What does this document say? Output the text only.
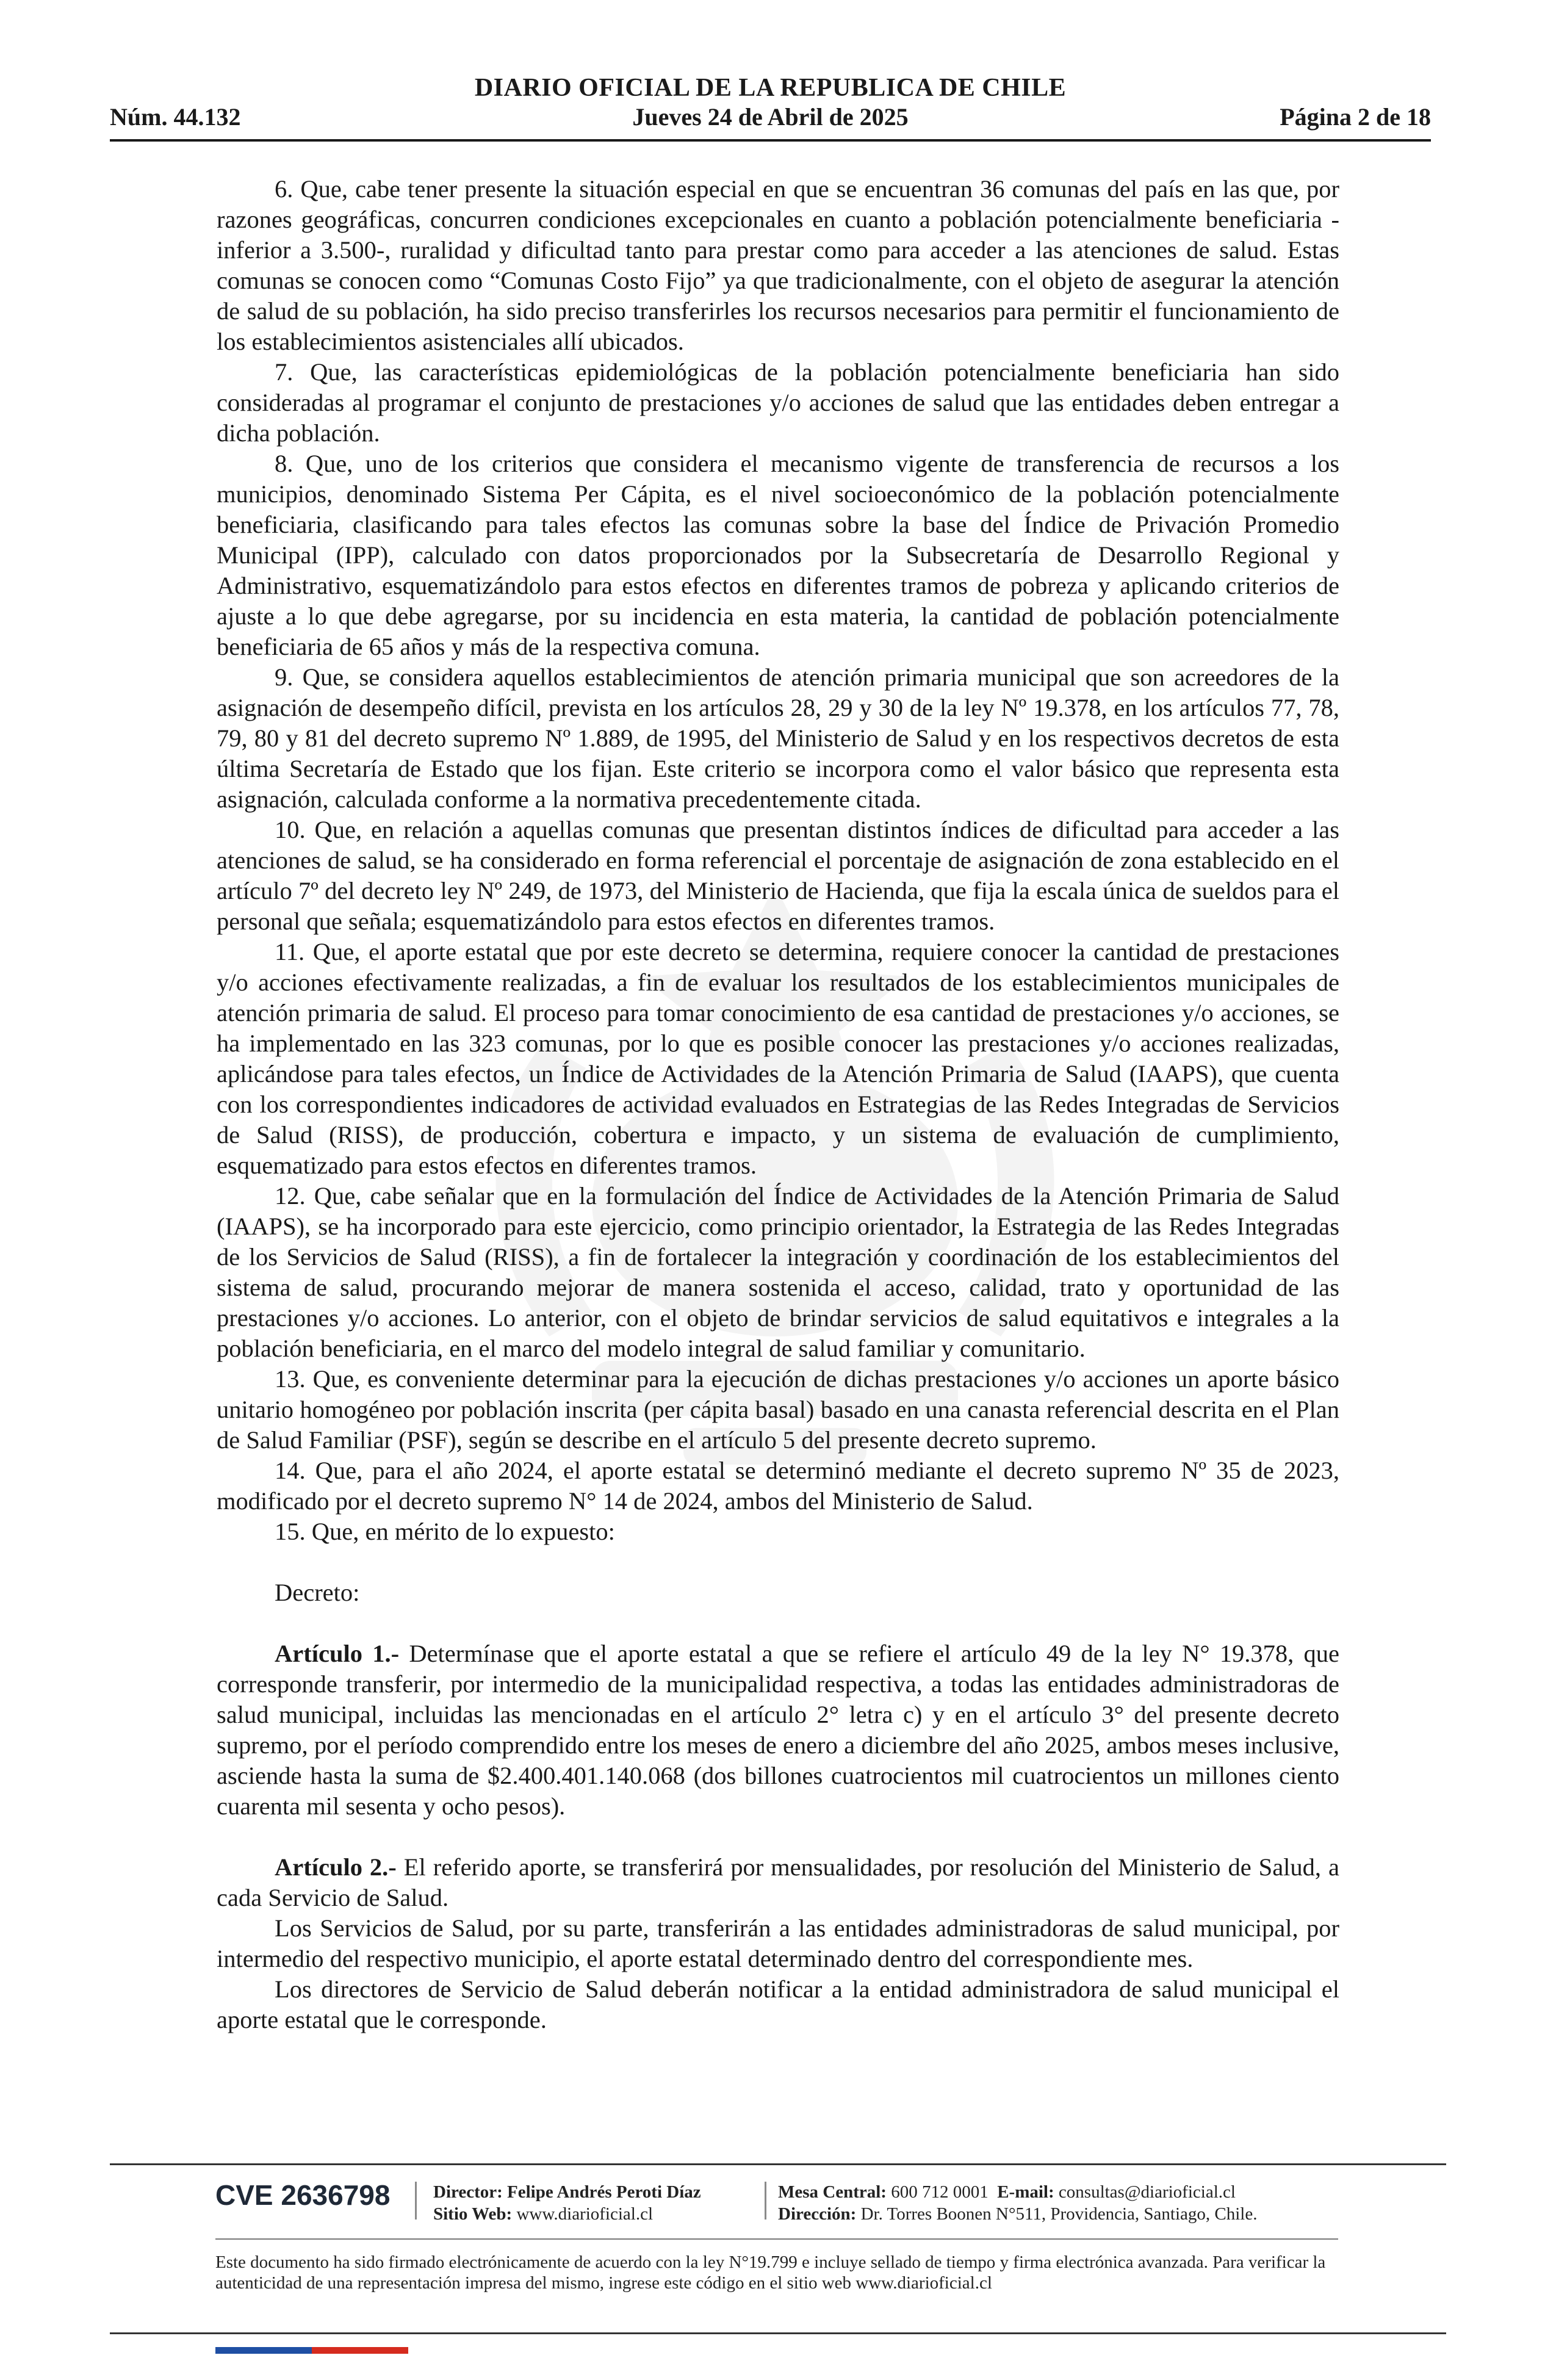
DIARIO OFICIAL DE LA REPUBLICA DE CHILE
Núm. 44.132	Jueves 24 de Abril de 2025	Página 2 de 18

6. Que, cabe tener presente la situación especial en que se encuentran 36 comunas del país en las que, por razones geográficas, concurren condiciones excepcionales en cuanto a población potencialmente beneficiaria -inferior a 3.500-, ruralidad y dificultad tanto para prestar como para acceder a las atenciones de salud. Estas comunas se conocen como “Comunas Costo Fijo” ya que tradicionalmente, con el objeto de asegurar la atención de salud de su población, ha sido preciso transferirles los recursos necesarios para permitir el funcionamiento de los establecimientos asistenciales allí ubicados.

7. Que, las características epidemiológicas de la población potencialmente beneficiaria han sido consideradas al programar el conjunto de prestaciones y/o acciones de salud que las entidades deben entregar a dicha población.

8. Que, uno de los criterios que considera el mecanismo vigente de transferencia de recursos a los municipios, denominado Sistema Per Cápita, es el nivel socioeconómico de la población potencialmente beneficiaria, clasificando para tales efectos las comunas sobre la base del Índice de Privación Promedio Municipal (IPP), calculado con datos proporcionados por la Subsecretaría de Desarrollo Regional y Administrativo, esquematizándolo para estos efectos en diferentes tramos de pobreza y aplicando criterios de ajuste a lo que debe agregarse, por su incidencia en esta materia, la cantidad de población potencialmente beneficiaria de 65 años y más de la respectiva comuna.

9. Que, se considera aquellos establecimientos de atención primaria municipal que son acreedores de la asignación de desempeño difícil, prevista en los artículos 28, 29 y 30 de la ley Nº 19.378, en los artículos 77, 78, 79, 80 y 81 del decreto supremo Nº 1.889, de 1995, del Ministerio de Salud y en los respectivos decretos de esta última Secretaría de Estado que los fijan. Este criterio se incorpora como el valor básico que representa esta asignación, calculada conforme a la normativa precedentemente citada.

10. Que, en relación a aquellas comunas que presentan distintos índices de dificultad para acceder a las atenciones de salud, se ha considerado en forma referencial el porcentaje de asignación de zona establecido en el artículo 7º del decreto ley Nº 249, de 1973, del Ministerio de Hacienda, que fija la escala única de sueldos para el personal que señala; esquematizándolo para estos efectos en diferentes tramos.

11. Que, el aporte estatal que por este decreto se determina, requiere conocer la cantidad de prestaciones y/o acciones efectivamente realizadas, a fin de evaluar los resultados de los establecimientos municipales de atención primaria de salud. El proceso para tomar conocimiento de esa cantidad de prestaciones y/o acciones, se ha implementado en las 323 comunas, por lo que es posible conocer las prestaciones y/o acciones realizadas, aplicándose para tales efectos, un Índice de Actividades de la Atención Primaria de Salud (IAAPS), que cuenta con los correspondientes indicadores de actividad evaluados en Estrategias de las Redes Integradas de Servicios de Salud (RISS), de producción, cobertura e impacto, y un sistema de evaluación de cumplimiento, esquematizado para estos efectos en diferentes tramos.

12. Que, cabe señalar que en la formulación del Índice de Actividades de la Atención Primaria de Salud (IAAPS), se ha incorporado para este ejercicio, como principio orientador, la Estrategia de las Redes Integradas de los Servicios de Salud (RISS), a fin de fortalecer la integración y coordinación de los establecimientos del sistema de salud, procurando mejorar de manera sostenida el acceso, calidad, trato y oportunidad de las prestaciones y/o acciones. Lo anterior, con el objeto de brindar servicios de salud equitativos e integrales a la población beneficiaria, en el marco del modelo integral de salud familiar y comunitario.

13. Que, es conveniente determinar para la ejecución de dichas prestaciones y/o acciones un aporte básico unitario homogéneo por población inscrita (per cápita basal) basado en una canasta referencial descrita en el Plan de Salud Familiar (PSF), según se describe en el artículo 5 del presente decreto supremo.

14. Que, para el año 2024, el aporte estatal se determinó mediante el decreto supremo Nº 35 de 2023, modificado por el decreto supremo N° 14 de 2024, ambos del Ministerio de Salud.

15. Que, en mérito de lo expuesto:

Decreto:

Artículo 1.- Determínase que el aporte estatal a que se refiere el artículo 49 de la ley N° 19.378, que corresponde transferir, por intermedio de la municipalidad respectiva, a todas las entidades administradoras de salud municipal, incluidas las mencionadas en el artículo 2° letra c) y en el artículo 3° del presente decreto supremo, por el período comprendido entre los meses de enero a diciembre del año 2025, ambos meses inclusive, asciende hasta la suma de $2.400.401.140.068 (dos billones cuatrocientos mil cuatrocientos un millones ciento cuarenta mil sesenta y ocho pesos).

Artículo 2.- El referido aporte, se transferirá por mensualidades, por resolución del Ministerio de Salud, a cada Servicio de Salud.

Los Servicios de Salud, por su parte, transferirán a las entidades administradoras de salud municipal, por intermedio del respectivo municipio, el aporte estatal determinado dentro del correspondiente mes.

Los directores de Servicio de Salud deberán notificar a la entidad administradora de salud municipal el aporte estatal que le corresponde.

CVE 2636798 Director: Felipe Andrés Peroti Díaz
Sitio Web: www.diarioficial.cl
Mesa Central: 600 712 0001 E-mail: consultas@diarioficial.cl
Dirección: Dr. Torres Boonen N°511, Providencia, Santiago, Chile.
Este documento ha sido firmado electrónicamente de acuerdo con la ley N°19.799 e incluye sellado de tiempo y firma electrónica avanzada. Para verificar la autenticidad de una representación impresa del mismo, ingrese este código en el sitio web www.diarioficial.cl
